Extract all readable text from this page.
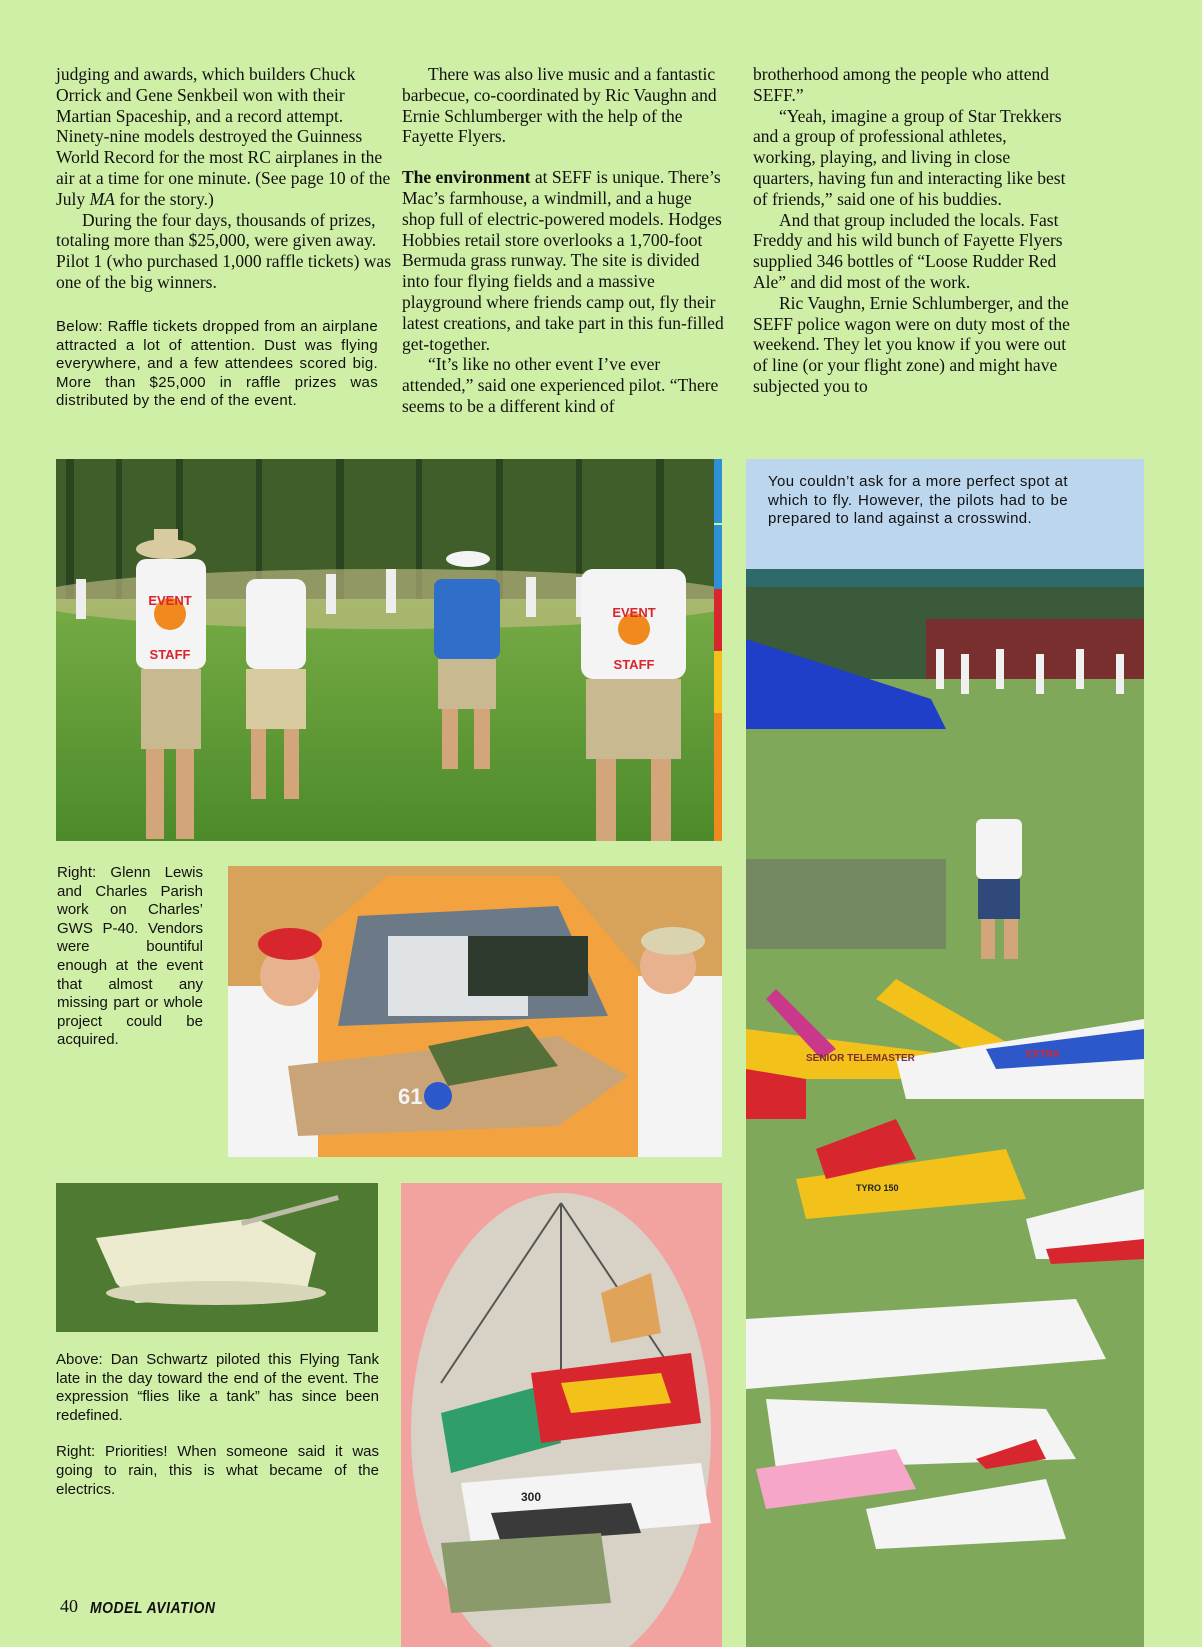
judging and awards, which builders Chuck Orrick and Gene Senkbeil won with their Martian Spaceship, and a record attempt. Ninety-nine models destroyed the Guinness World Record for the most RC airplanes in the air at a time for one minute. (See page 10 of the July MA for the story.)

During the four days, thousands of prizes, totaling more than $25,000, were given away. Pilot 1 (who purchased 1,000 raffle tickets) was one of the big winners.

There was also live music and a fantastic barbecue, co-coordinated by Ric Vaughn and Ernie Schlumberger with the help of the Fayette Flyers.

The environment at SEFF is unique. There’s Mac’s farmhouse, a windmill, and a huge shop full of electric-powered models. Hodges Hobbies retail store overlooks a 1,700-foot Bermuda grass runway. The site is divided into four flying fields and a massive playground where friends camp out, fly their latest creations, and take part in this fun-filled get-together.

“It’s like no other event I’ve ever attended,” said one experienced pilot. “There seems to be a different kind of

brotherhood among the people who attend SEFF.”

“Yeah, imagine a group of Star Trekkers and a group of professional athletes, working, playing, and living in close quarters, having fun and interacting like best of friends,” said one of his buddies.

And that group included the locals. Fast Freddy and his wild bunch of Fayette Flyers supplied 346 bottles of “Loose Rudder Red Ale” and did most of the work.

Ric Vaughn, Ernie Schlumberger, and the SEFF police wagon were on duty most of the weekend. They let you know if you were out of line (or your flight zone) and might have subjected you to

Below: Raffle tickets dropped from an airplane attracted a lot of attention. Dust was flying everywhere, and a few attendees scored big. More than $25,000 in raffle prizes was distributed by the end of the event.

EVENT
STAFF
EVENT
STAFF
SENIOR TELEMASTER
TYRO 150
EXTRA

You couldn’t ask for a more perfect spot at which to fly. However, the pilots had to be prepared to land against a crosswind.

Right: Glenn Lewis and Charles Parish work on Charles’ GWS P-40. Vendors were bountiful enough at the event that almost any missing part or whole project could be acquired.

61

Above: Dan Schwartz piloted this Flying Tank late in the day toward the end of the event. The expression “flies like a tank” has since been redefined.

Right: Priorities! When someone said it was going to rain, this is what became of the electrics.	300
40 MODEL AVIATION
